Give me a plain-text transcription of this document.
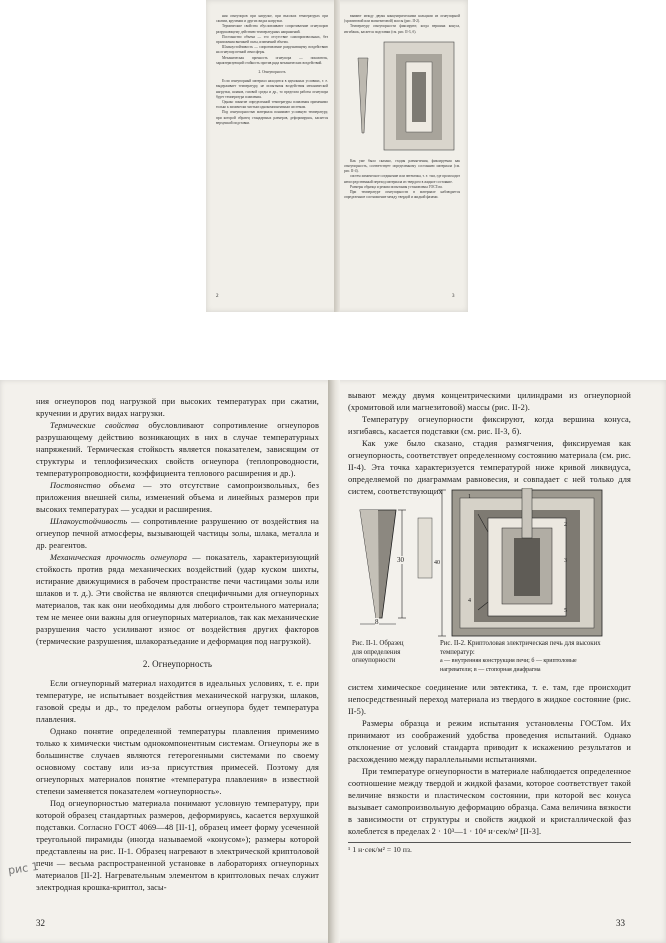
ния огнеупоров при нагрузке, при высоких температурах при сжатии, кручении и других видах нагрузки.

Термические свойства обусловливают сопротивление огнеупоров разрушающему действию температурных напряжений.

Постоянство объема — это отсутствие самопроизвольных, без приложения внешней силы, изменений объема.

Шлакоустойчивость — сопротивление разрушающему воздействию на огнеупор печной атмосферы.

Механическая прочность огнеупора — показатель, характеризующий стойкость против ряда механических воздействий.

2. Огнеупорность

Если огнеупорный материал находится в идеальных условиях, т. е. выдерживает температуру, не испытывая воздействия механической нагрузки, шлаков, газовой среды и др., то пределом работы огнеупора будет температура плавления.

Однако понятие определенной температуры плавления применимо только к химически чистым однокомпонентным системам.

Под огнеупорностью материала понимают условную температуру, при которой образец стандартных размеров, деформируясь, касается верхушкой подставки.

2

вывают между двумя концентрическими кольцами из огнеупорной (хромитовой или магнезитовой) массы (рис. II-2).

Температуру огнеупорности фиксируют, когда вершина конуса, изгибаясь, касается подставки (см. рис. II-3, б).

Как уже было сказано, стадия размягчения, фиксируемая как огнеупорность, соответствует определенному состоянию материала (см. рис. II-4).

систем химическое соединение или эвтектика, т. е. там, где происходит непосредственный переход материала из твердого в жидкое состояние.

Размеры образца и режим испытания установлены ГОСТом.

При температуре огнеупорности в материале наблюдается определенное соотношение между твердой и жидкой фазами.

3

ния огнеупоров под нагрузкой при высоких температурах при сжатии, кручении и других видах нагрузки.

Термические свойства обусловливают сопротивление огнеупоров разрушающему действию возникающих в них в случае температурных напряжений. Термическая стойкость является показателем, зависящим от структуры и теплофизических свойств огнеупора (теплопроводности, температуропроводности, коэффициента теплового расширения и др.).

Постоянство объема — это отсутствие самопроизвольных, без приложения внешней силы, изменений объема и линейных размеров при высоких температурах — усадки и расширения.

Шлакоустойчивость — сопротивление разрушению от воздействия на огнеупор печной атмосферы, вызывающей частицы золы, шлака, металла и др. реагентов.

Механическая прочность огнеупора — показатель, характеризующий стойкость против ряда механических воздействий (удар куском шихты, истирание движущимися в рабочем пространстве печи частицами золы или шлаков и т. д.). Эти свойства не являются специфичными для огнеупорных материалов, так как они необходимы для любого строительного материала; тем не менее они важны для огнеупорных материалов, так как механические разрушения часто усиливают износ от воздействия других факторов (термические разрушения, шлакоразъедание и деформация под нагрузкой).

2. Огнеупорность

Если огнеупорный материал находится в идеальных условиях, т. е. при температуре, не испытывает воздействия механической нагрузки, шлаков, газовой среды и др., то пределом работы огнеупора будет температура плавления.

Однако понятие определенной температуры плавления применимо только к химически чистым однокомпонентным системам. Огнеупоры же в большинстве случаев являются гетерогенными системами по своему основному составу или из-за присутствия примесей. Поэтому для огнеупорных материалов понятие «температура плавления» в известной степени заменяется показателем «огнеупорность».

Под огнеупорностью материала понимают условную температуру, при которой образец стандартных размеров, деформируясь, касается верхушкой подставки. Согласно ГОСТ 4069—48 [II-1], образец имеет форму усеченной треугольной пирамиды (иногда называемой «конусом»); размеры которой представлены на рис. II-1. Образец нагревают в электрической криптоловой печи — весьма распространенной установке в лабораториях огнеупорных материалов [II-2]. Нагревательным элементом в криптоловых печах служит электродная крошка-криптол, засы-

32
рис 1

вывают между двумя концентрическими цилиндрами из огнеупорной (хромитовой или магнезитовой) массы (рис. II-2).

Температуру огнеупорности фиксируют, когда вершина конуса, изгибаясь, касается подставки (см. рис. II-3, б).

Как уже было сказано, стадия размягчения, фиксируемая как огнеупорность, соответствует определенному состоянию материала (см. рис. II-4). Эта точка характеризуется температурой ниже кривой ликвидуса, определяемой по диаграммам равновесия, и совпадает с ней только для систем, соответствующих

30
8
Рис. II-1. Образец для определения огнеупорности
1
2
3
4
5
40
Рис. II-2. Криптоловая электрическая печь для высоких температур:
а — внутренняя конструкция печи; б — криптоловые нагреватели; в — стопорная диафрагма

систем химическое соединение или эвтектика, т. е. там, где происходит непосредственный переход материала из твердого в жидкое состояние (рис. II-5).

Размеры образца и режим испытания установлены ГОСТом. Их принимают из соображений удобства проведения испытаний. Однако отклонение от условий стандарта приводит к искажению результатов и расхождению между параллельными испытаниями.

При температуре огнеупорности в материале наблюдается определенное соотношение между твердой и жидкой фазами, которое соответствует такой величине вязкости и пластическом состоянии, при которой вес конуса вызывает самопроизвольную деформацию образца. Сама величина вязкости в зависимости от структуры и свойств жидкой и кристаллической фаз колеблется в пределах 2 · 10³—1 · 10⁴ н·сек/м² [II-3].

¹ 1 н·сек/м² = 10 пз.
33
